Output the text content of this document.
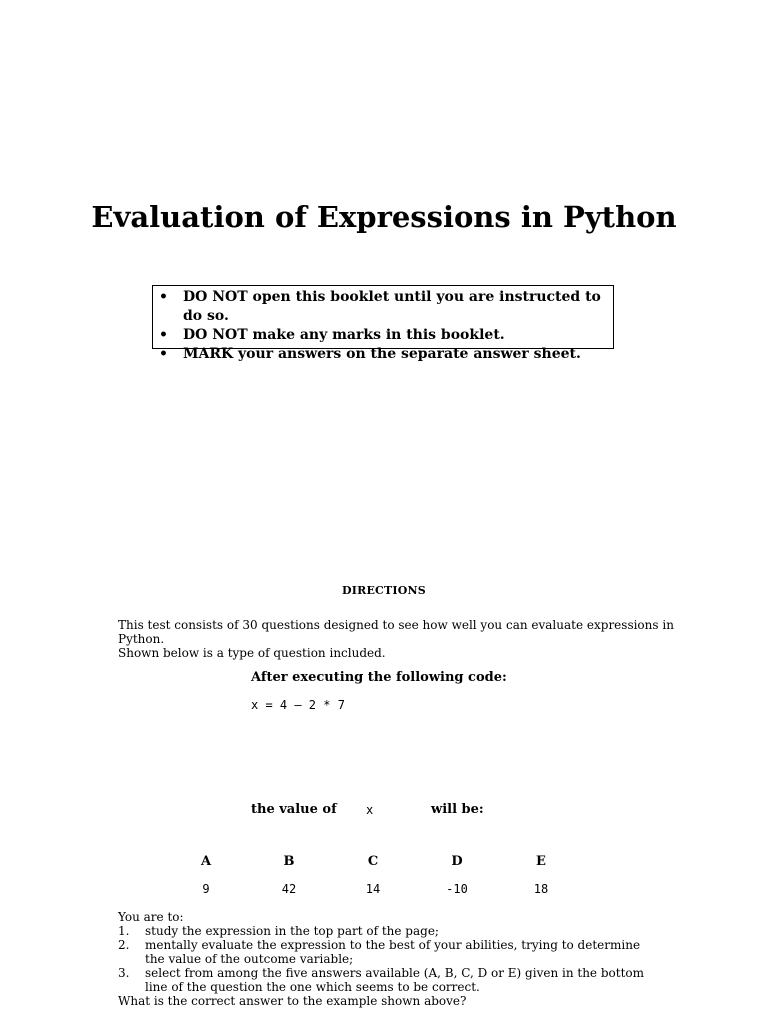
Evaluation of Expressions in Python
•	DO NOT open this booklet until you are instructed to do so.
•	DO NOT make any marks in this booklet.
•	MARK your answers on the separate answer sheet.
DIRECTIONS
This test consists of 30 questions designed to see how well you can evaluate expressions in Python.
Shown below is a type of question included.
After executing the following code:
x = 4 – 2 * 7
the value of x	will be:
A	B	C	D	E
9	42	14	-10	18
You are to:
1.	study the expression in the top part of the page;
2.	mentally evaluate the expression to the best of your abilities, trying to determine the value of the outcome variable;
3.	select from among the five answers available (A, B, C, D or E) given in the bottom line of the question the one which seems to be correct.
What is the correct answer to the example shown above?
